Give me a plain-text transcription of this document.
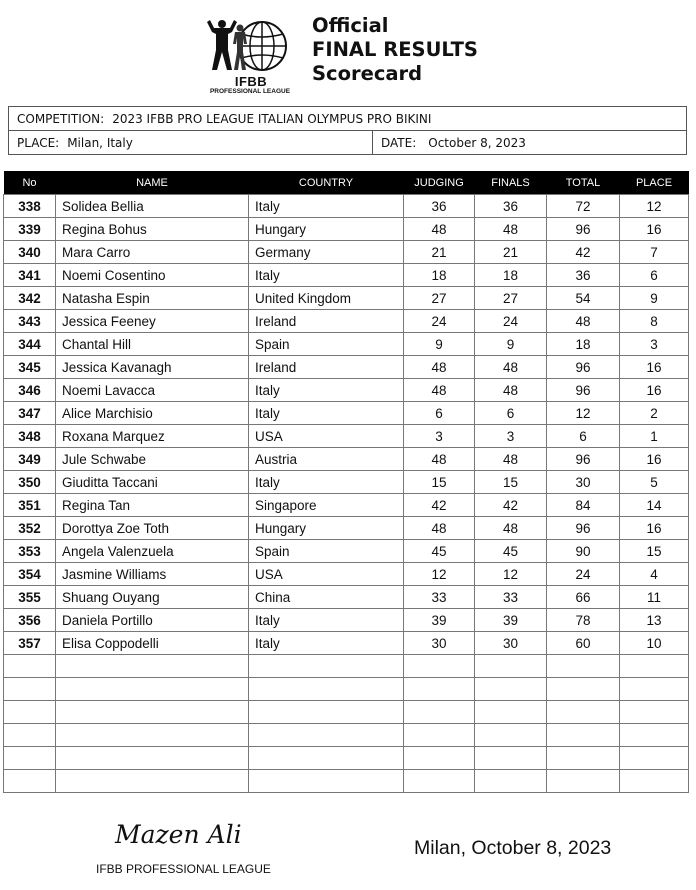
IFBB
PROFESSIONAL LEAGUE
Official
FINAL RESULTS
Scorecard
COMPETITION: 2023 IFBB PRO LEAGUE ITALIAN OLYMPUS PRO BIKINI
PLACE: Milan, Italy	DATE: October 8, 2023
No	NAME	COUNTRY	JUDGING	FINALS	TOTAL	PLACE
338	Solidea Bellia	Italy	36	36	72	12
339	Regina Bohus	Hungary	48	48	96	16
340	Mara Carro	Germany	21	21	42	7
341	Noemi Cosentino	Italy	18	18	36	6
342	Natasha Espin	United Kingdom	27	27	54	9
343	Jessica Feeney	Ireland	24	24	48	8
344	Chantal Hill	Spain	9	9	18	3
345	Jessica Kavanagh	Ireland	48	48	96	16
346	Noemi Lavacca	Italy	48	48	96	16
347	Alice Marchisio	Italy	6	6	12	2
348	Roxana Marquez	USA	3	3	6	1
349	Jule Schwabe	Austria	48	48	96	16
350	Giuditta Taccani	Italy	15	15	30	5
351	Regina Tan	Singapore	42	42	84	14
352	Dorottya Zoe Toth	Hungary	48	48	96	16
353	Angela Valenzuela	Spain	45	45	90	15
354	Jasmine Williams	USA	12	12	24	4
355	Shuang Ouyang	China	33	33	66	11
356	Daniela Portillo	Italy	39	39	78	13
357	Elisa Coppodelli	Italy	30	30	60	10

Mazen Ali
IFBB PROFESSIONAL LEAGUE
Milan, October 8, 2023
